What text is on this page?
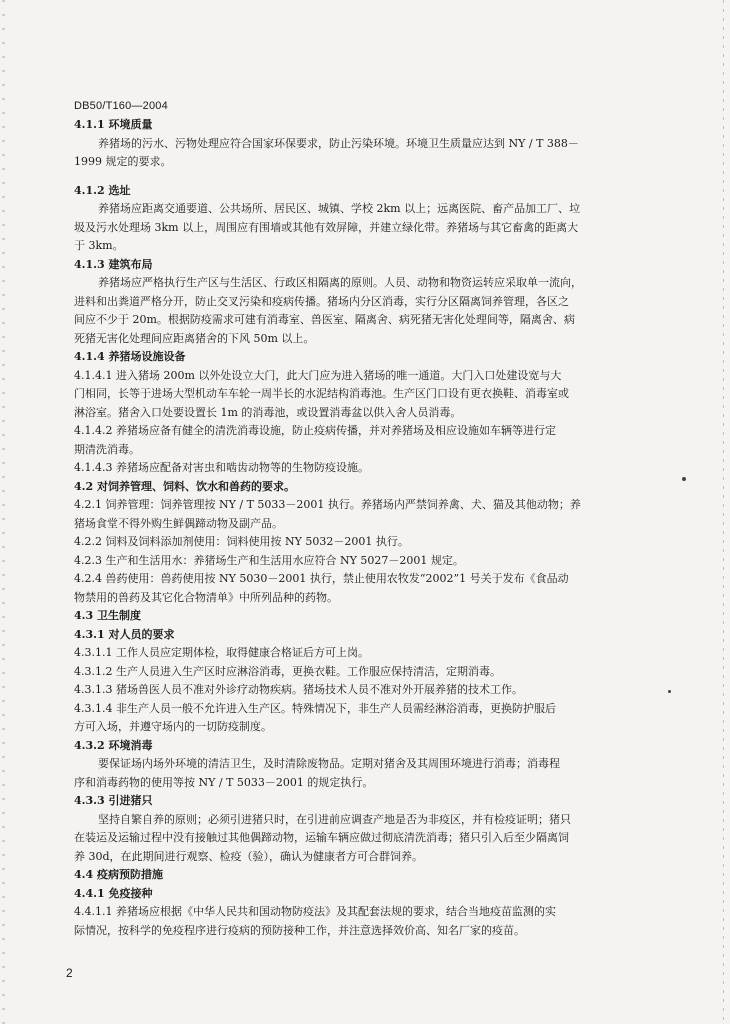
DB50/T160—2004
4.1.1 环境质量
养猪场的污水、污物处理应符合国家环保要求，防止污染环境。环境卫生质量应达到 NY / T 388－
1999 规定的要求。
4.1.2 选址
养猪场应距离交通要道、公共场所、居民区、城镇、学校 2km 以上；远离医院、畜产品加工厂、垃
圾及污水处理场 3km 以上，周围应有围墙或其他有效屏障，并建立绿化带。养猪场与其它畜禽的距离大
于 3km。
4.1.3 建筑布局
养猪场应严格执行生产区与生活区、行政区相隔离的原则。人员、动物和物资运转应采取单一流向，
进料和出粪道严格分开，防止交叉污染和疫病传播。猪场内分区消毒，实行分区隔离饲养管理，各区之
间应不少于 20m。根据防疫需求可建有消毒室、兽医室、隔离舍、病死猪无害化处理间等，隔离舍、病
死猪无害化处理间应距离猪舍的下风 50m 以上。
4.1.4 养猪场设施设备
4.1.4.1 进入猪场 200m 以外处设立大门，此大门应为进入猪场的唯一通道。大门入口处建设宽与大
门相同，长等于进场大型机动车车轮一周半长的水泥结构消毒池。生产区门口设有更衣换鞋、消毒室或
淋浴室。猪舍入口处要设置长 1m 的消毒池，或设置消毒盆以供入舍人员消毒。
4.1.4.2 养猪场应备有健全的清洗消毒设施，防止疫病传播，并对养猪场及相应设施如车辆等进行定
期清洗消毒。
4.1.4.3 养猪场应配备对害虫和啮齿动物等的生物防疫设施。
4.2 对饲养管理、饲料、饮水和兽药的要求。
4.2.1 饲养管理：饲养管理按 NY / T 5033－2001 执行。养猪场内严禁饲养禽、犬、猫及其他动物；养
猪场食堂不得外购生鲜偶蹄动物及副产品。
4.2.2 饲料及饲料添加剂使用：饲料使用按 NY 5032－2001 执行。
4.2.3 生产和生活用水：养猪场生产和生活用水应符合 NY 5027－2001 规定。
4.2.4 兽药使用：兽药使用按 NY 5030－2001 执行，禁止使用农牧发“2002”1 号关于发布《食品动
物禁用的兽药及其它化合物清单》中所列品种的药物。
4.3 卫生制度
4.3.1 对人员的要求
4.3.1.1 工作人员应定期体检，取得健康合格证后方可上岗。
4.3.1.2 生产人员进入生产区时应淋浴消毒，更换衣鞋。工作服应保持清洁，定期消毒。
4.3.1.3 猪场兽医人员不准对外诊疗动物疾病。猪场技术人员不准对外开展养猪的技术工作。
4.3.1.4 非生产人员一般不允许进入生产区。特殊情况下，非生产人员需经淋浴消毒，更换防护服后
方可入场，并遵守场内的一切防疫制度。
4.3.2 环境消毒
要保证场内场外环境的清洁卫生，及时清除废物品。定期对猪舍及其周围环境进行消毒；消毒程
序和消毒药物的使用等按 NY / T 5033－2001 的规定执行。
4.3.3 引进猪只
坚持自繁自养的原则；必须引进猪只时，在引进前应调查产地是否为非疫区，并有检疫证明；猪只
在装运及运输过程中没有接触过其他偶蹄动物，运输车辆应做过彻底清洗消毒；猪只引入后至少隔离饲
养 30d，在此期间进行观察、检疫（验），确认为健康者方可合群饲养。
4.4 疫病预防措施
4.4.1 免疫接种
4.4.1.1 养猪场应根据《中华人民共和国动物防疫法》及其配套法规的要求，结合当地疫苗监测的实
际情况，按科学的免疫程序进行疫病的预防接种工作，并注意选择效价高、知名厂家的疫苗。
2
